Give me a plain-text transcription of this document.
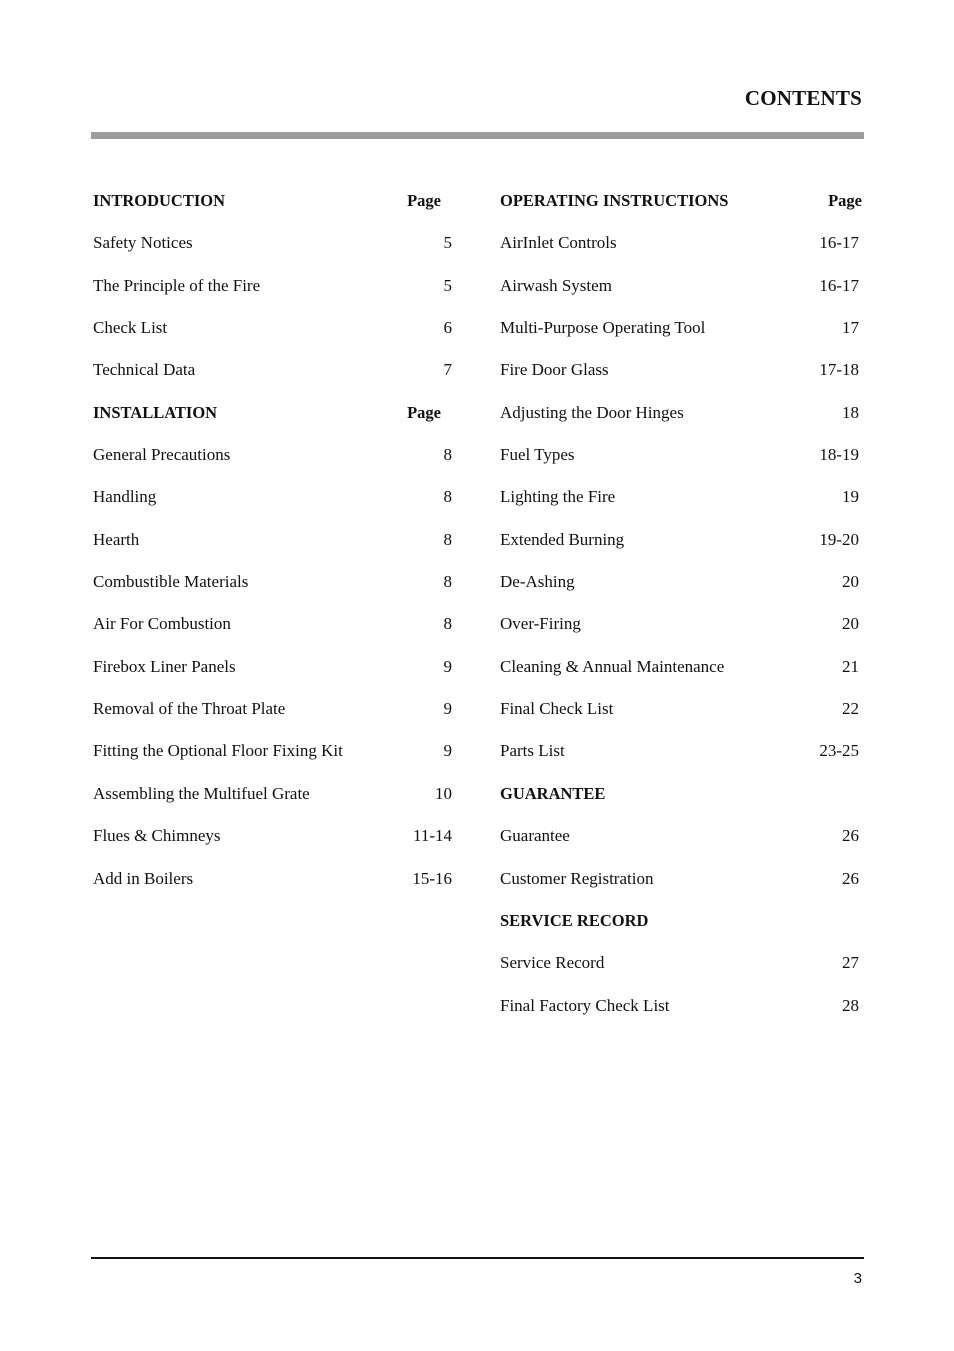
CONTENTS
INTRODUCTION	Page
Safety Notices	5
The Principle of the Fire	5
Check List	6
Technical Data	7
INSTALLATION	Page
General Precautions	8
Handling	8
Hearth	8
Combustible Materials	8
Air For Combustion	8
Firebox Liner Panels	9
Removal of the Throat Plate	9
Fitting the Optional Floor Fixing Kit	9
Assembling the Multifuel Grate	10
Flues & Chimneys	11-14
Add in Boilers	15-16
OPERATING INSTRUCTIONS	Page
AirInlet Controls	16-17
Airwash System	16-17
Multi-Purpose Operating Tool	17
Fire Door Glass	17-18
Adjusting the Door Hinges	18
Fuel Types	18-19
Lighting the Fire	19
Extended Burning	19-20
De-Ashing	20
Over-Firing	20
Cleaning & Annual Maintenance	21
Final Check List	22
Parts List	23-25
GUARANTEE
Guarantee	26
Customer Registration	26
SERVICE RECORD
Service Record	27
Final Factory Check List	28
3
